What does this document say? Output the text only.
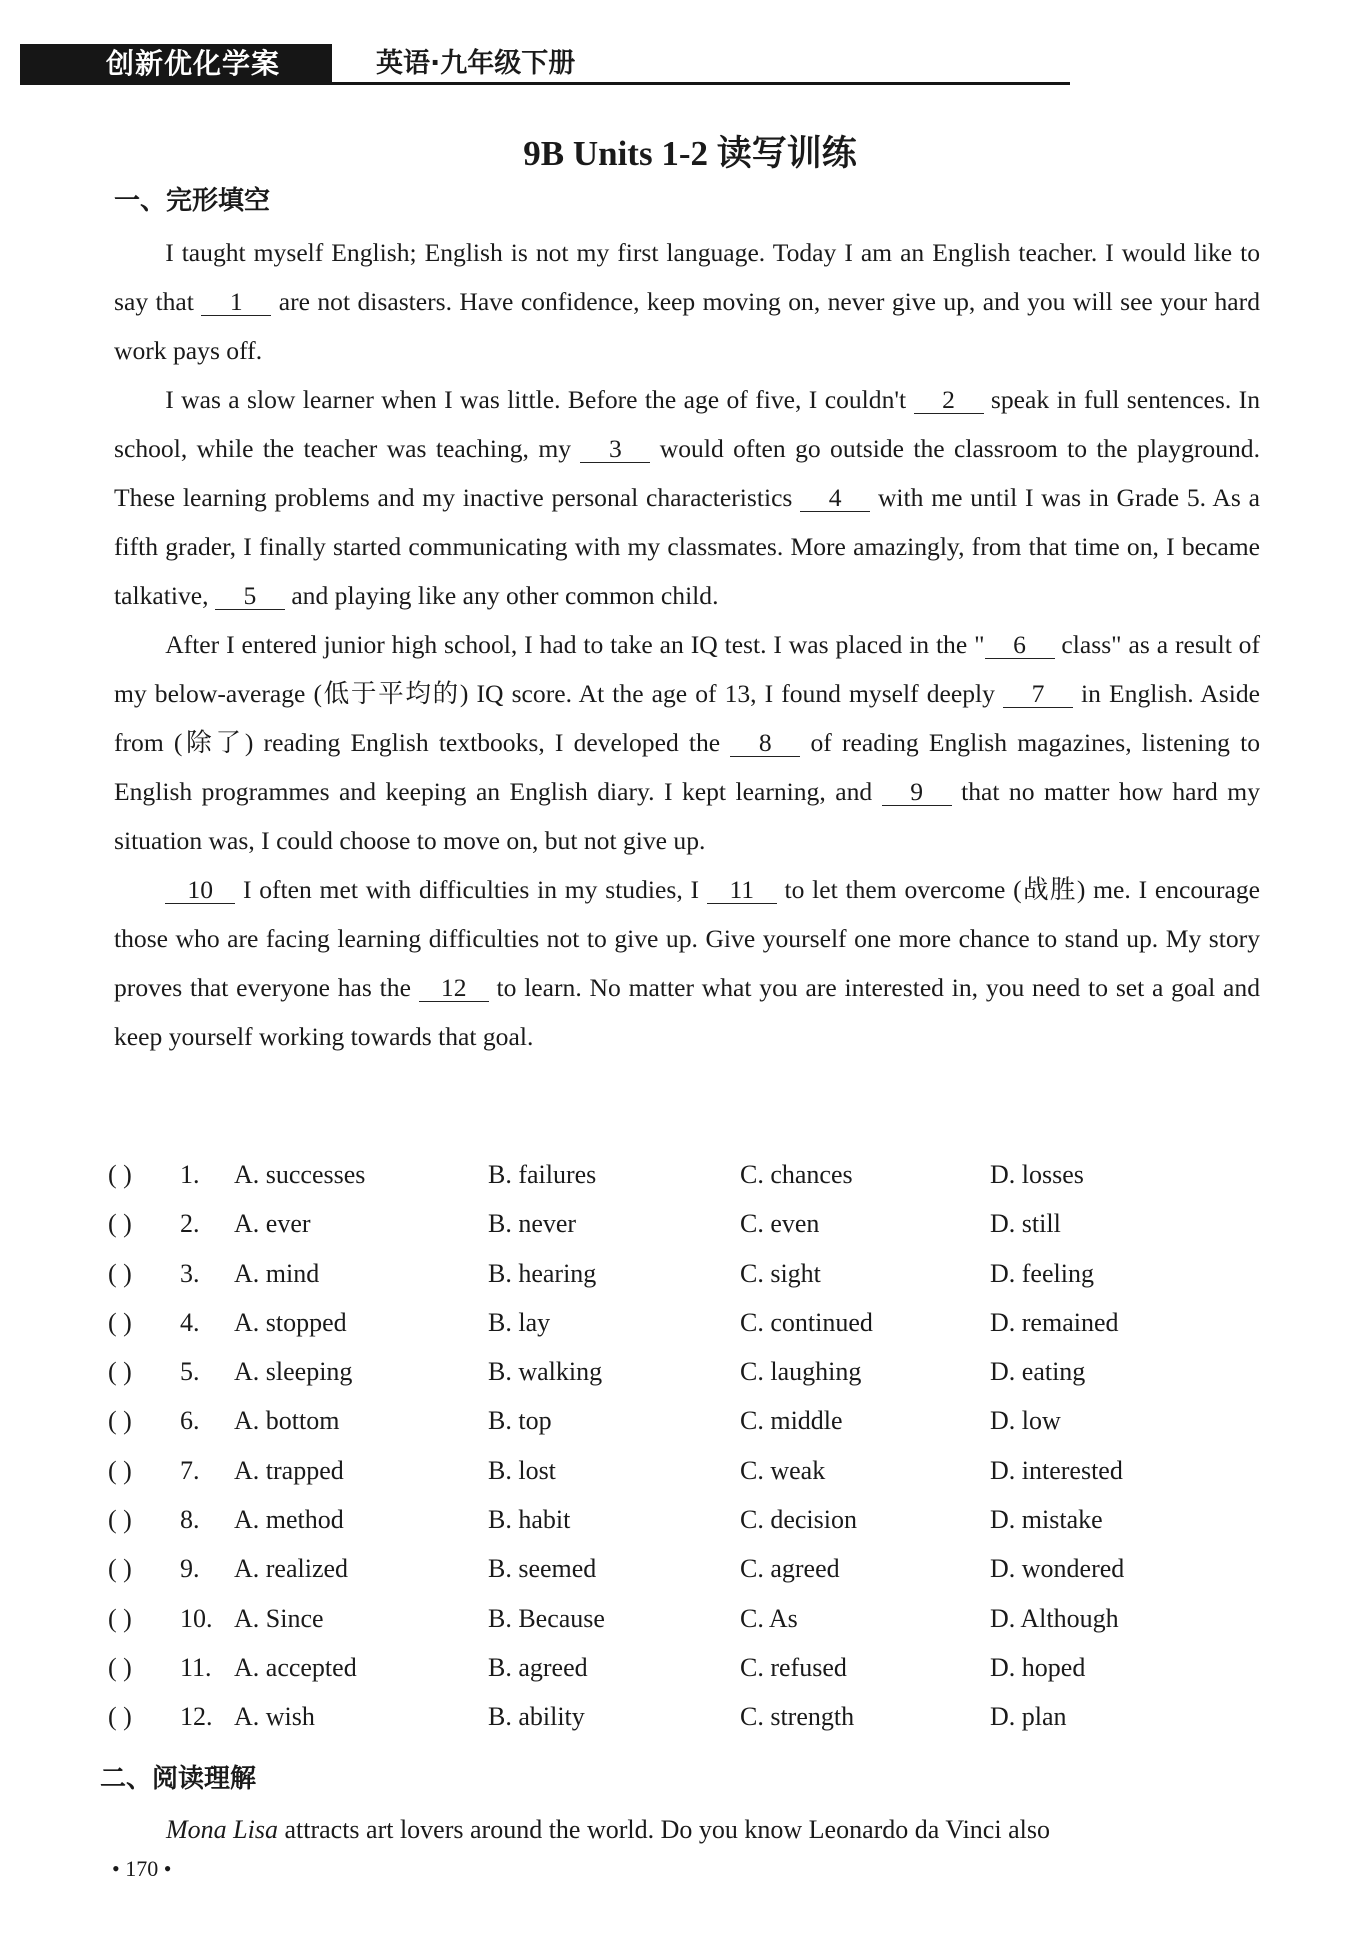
创新优化学案	英语·九年级下册
9B Units 1-2 读写训练
一、完形填空

I taught myself English; English is not my first language. Today I am an English teacher. I would like to say that 1 are not disasters. Have confidence, keep moving on, never give up, and you will see your hard work pays off.

I was a slow learner when I was little. Before the age of five, I couldn't 2 speak in full sentences. In school, while the teacher was teaching, my 3 would often go outside the classroom to the playground. These learning problems and my inactive personal characteristics 4 with me until I was in Grade 5. As a fifth grader, I finally started communicating with my classmates. More amazingly, from that time on, I became talkative, 5 and playing like any other common child.

After I entered junior high school, I had to take an IQ test. I was placed in the " 6 class" as a result of my below-average (低于平均的) IQ score. At the age of 13, I found myself deeply 7 in English. Aside from (除了) reading English textbooks, I developed the 8 of reading English magazines, listening to English programmes and keeping an English diary. I kept learning, and 9 that no matter how hard my situation was, I could choose to move on, but not give up.

10 I often met with difficulties in my studies, I 11 to let them overcome (战胜) me. I encourage those who are facing learning difficulties not to give up. Give yourself one more chance to stand up. My story proves that everyone has the 12 to learn. No matter what you are interested in, you need to set a goal and keep yourself working towards that goal.

( ) 1. A. successes	B. failures	C. chances	D. losses
( ) 2. A. ever	B. never	C. even	D. still
( ) 3. A. mind	B. hearing	C. sight	D. feeling
( ) 4. A. stopped	B. lay	C. continued	D. remained
( ) 5. A. sleeping	B. walking	C. laughing	D. eating
( ) 6. A. bottom	B. top	C. middle	D. low
( ) 7. A. trapped	B. lost	C. weak	D. interested
( ) 8. A. method	B. habit	C. decision	D. mistake
( ) 9. A. realized	B. seemed	C. agreed	D. wondered
( ) 10. A. Since	B. Because	C. As	D. Although
( ) 11. A. accepted	B. agreed	C. refused	D. hoped
( ) 12. A. wish	B. ability	C. strength	D. plan
二、阅读理解
Mona Lisa attracts art lovers around the world. Do you know Leonardo da Vinci also
• 170 •
